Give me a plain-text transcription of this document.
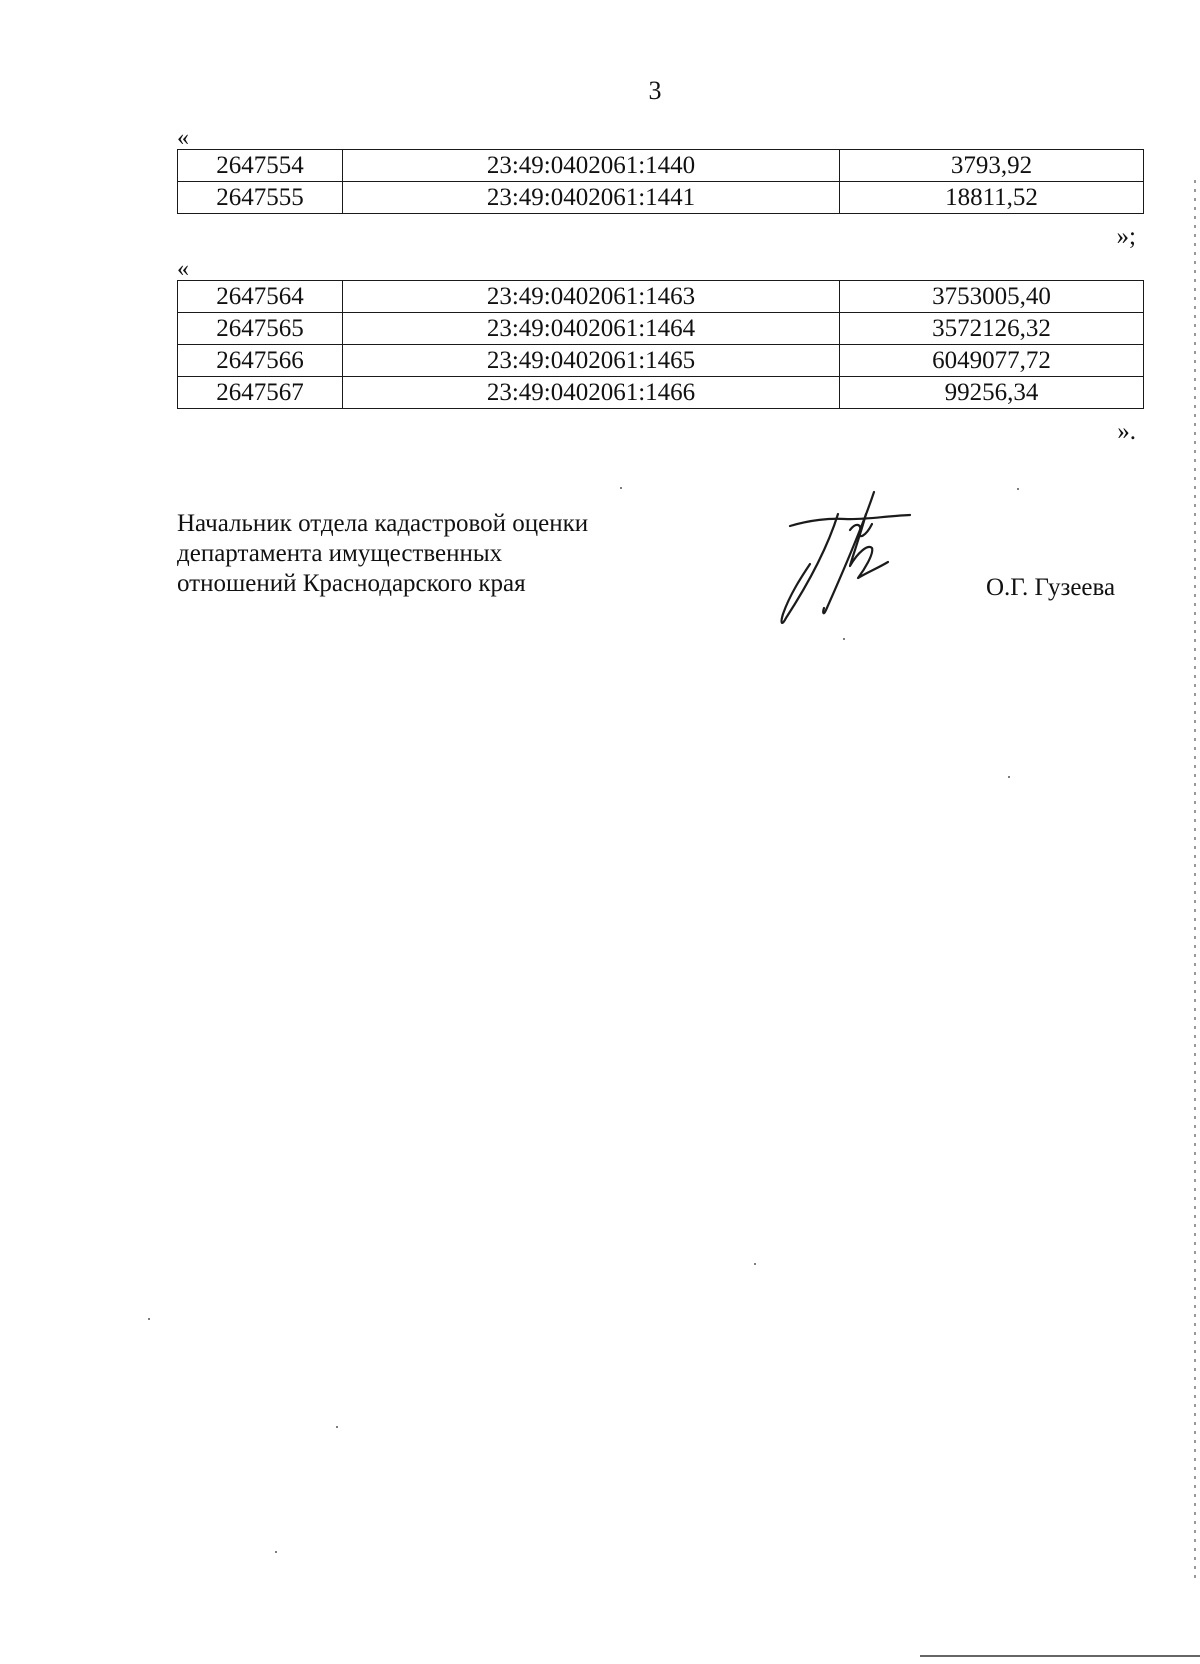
3
«
2647554	23:49:0402061:1440	3793,92
2647555	23:49:0402061:1441	18811,52
»;
«
2647564	23:49:0402061:1463	3753005,40
2647565	23:49:0402061:1464	3572126,32
2647566	23:49:0402061:1465	6049077,72
2647567	23:49:0402061:1466	99256,34
».
Начальник отдела кадастровой оценки
департамента имущественных
отношений Краснодарского края	О.Г. Гузеева
